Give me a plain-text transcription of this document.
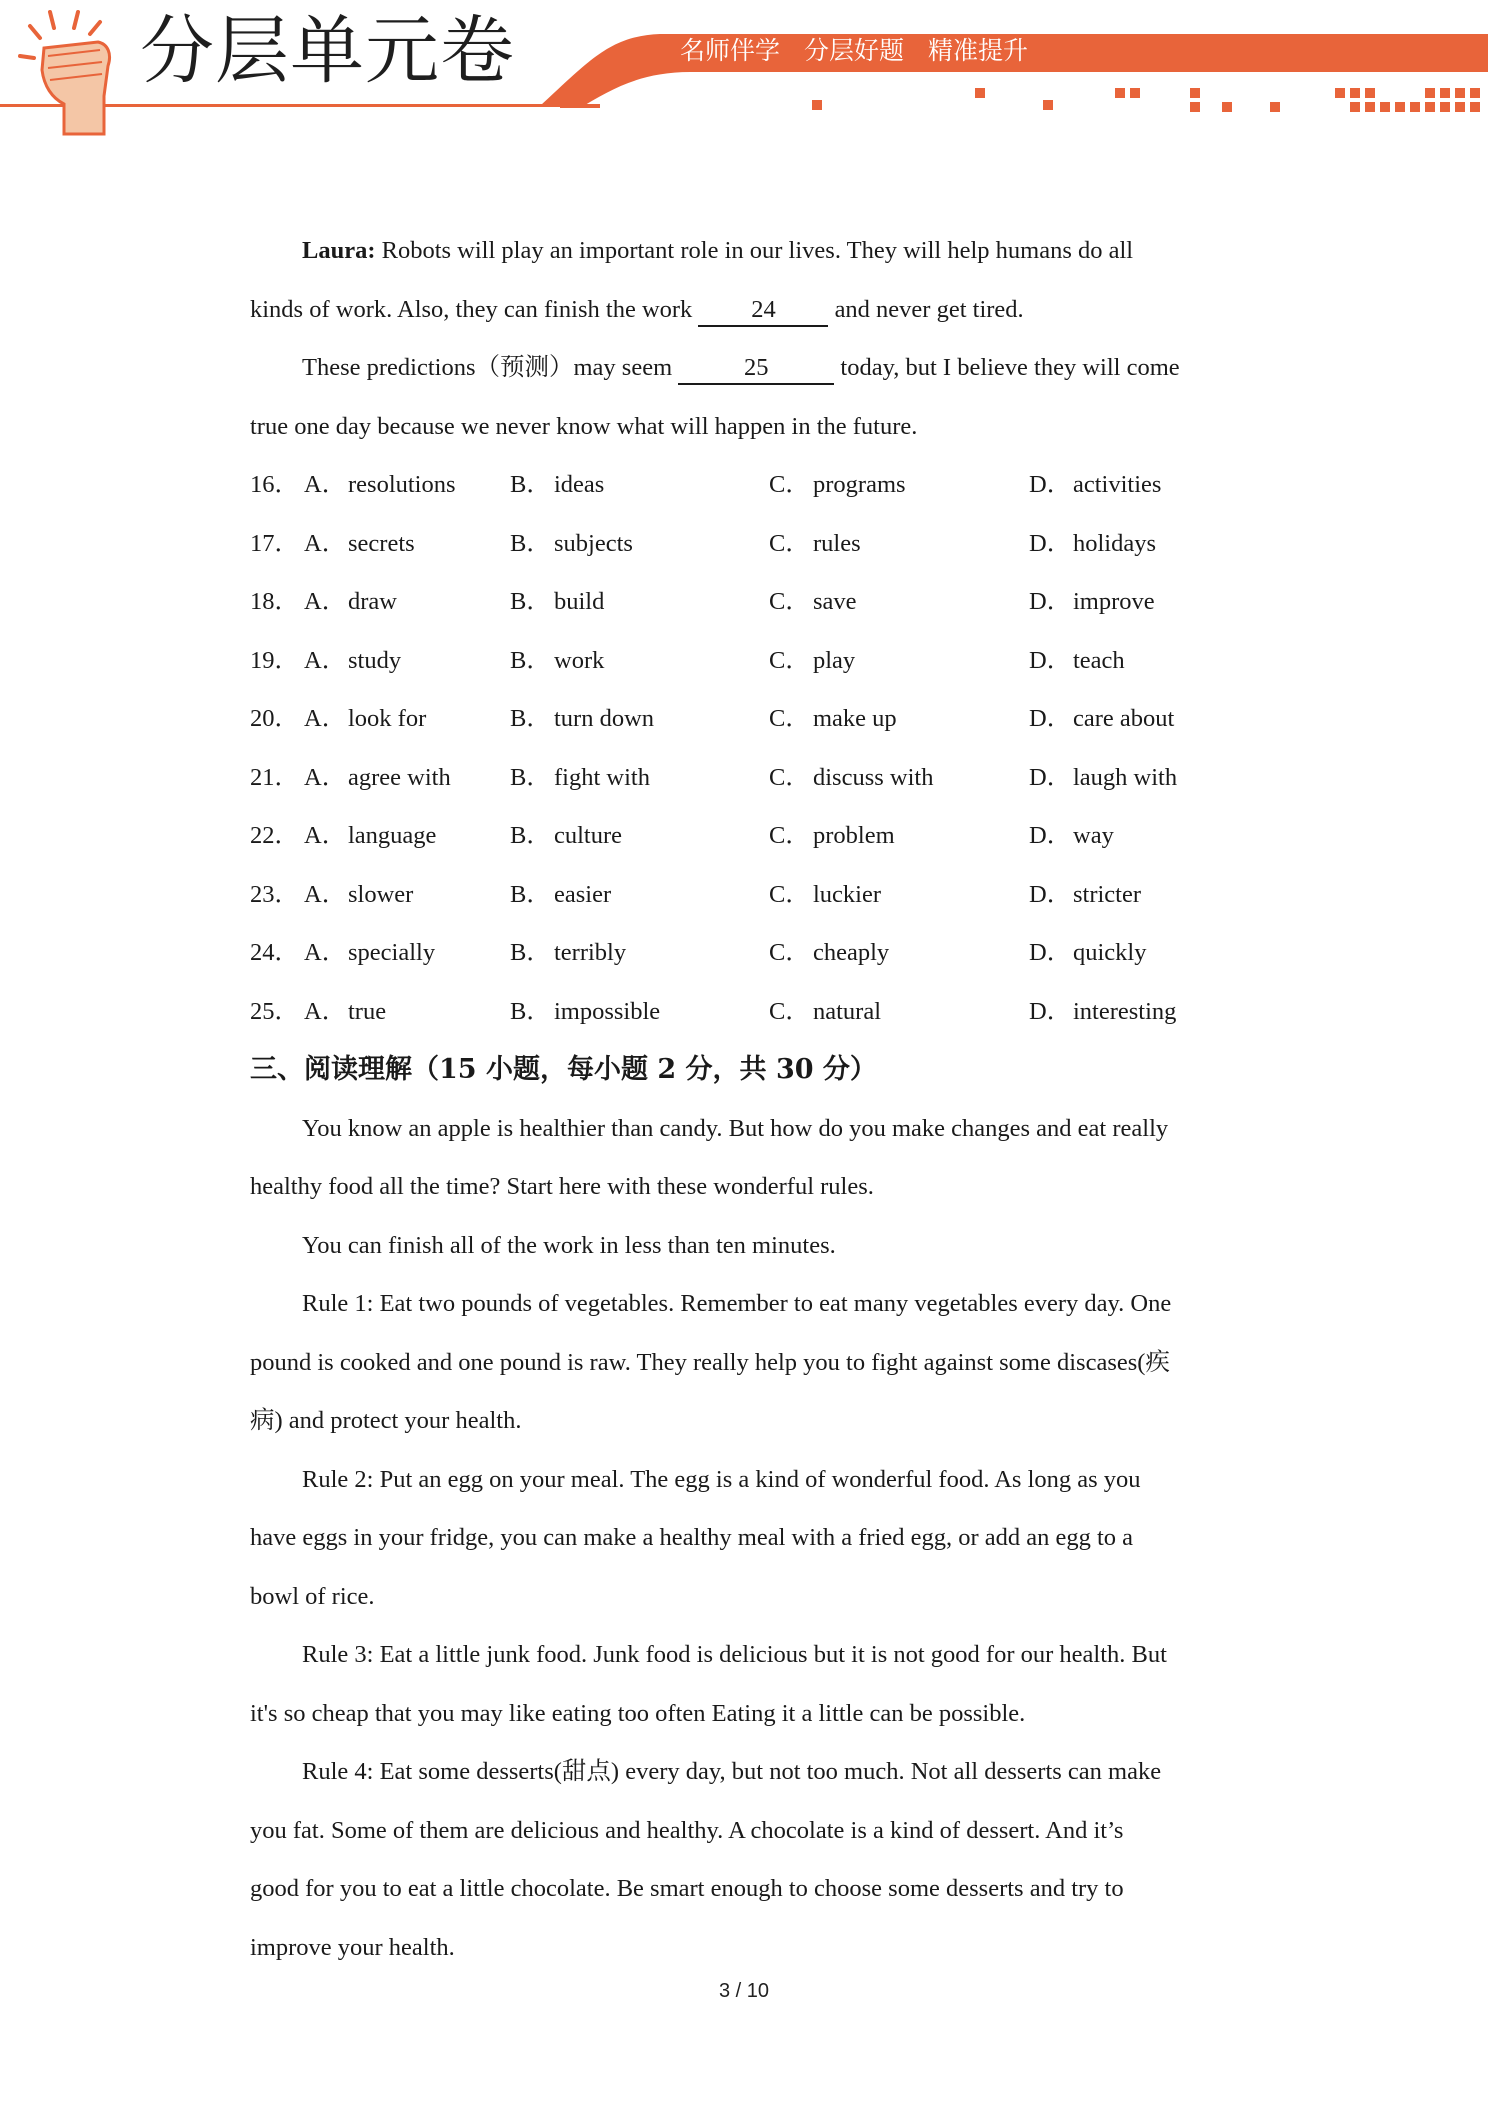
分层单元卷	名师伴学 分层好题 精准提升

Laura: Robots will play an important role in our lives. They will help humans do all

kinds of work. Also, they can finish the work 24 and never get tired.

These predictions（预测）may seem	25	today, but I believe they will come

true one day because we never know what will happen in the future.

16． A． resolutions B． ideas	C． programs	D． activities
17． A． secrets	B． subjects	C． rules	D． holidays
18． A． draw	B． build	C． save	D． improve
19． A． study	B． work	C． play	D． teach
20． A． look for	B． turn down	C． make up	D． care about
21． A． agree with B． fight with	C． discuss with	D． laugh with
22． A． language	B． culture	C． problem	D． way
23． A． slower	B． easier	C． luckier	D． stricter
24． A． specially	B． terribly	C． cheaply	D． quickly
25． A． true	B． impossible	C． natural	D． interesting

三、阅读理解（15 小题，每小题 2 分，共 30 分）

You know an apple is healthier than candy. But how do you make changes and eat really

healthy food all the time? Start here with these wonderful rules.

You can finish all of the work in less than ten minutes.

Rule 1: Eat two pounds of vegetables. Remember to eat many vegetables every day. One

pound is cooked and one pound is raw. They really help you to fight against some discases(疾

病) and protect your health.

Rule 2: Put an egg on your meal. The egg is a kind of wonderful food. As long as you

have eggs in your fridge, you can make a healthy meal with a fried egg, or add an egg to a

bowl of rice.

Rule 3: Eat a little junk food. Junk food is delicious but it is not good for our health. But

it's so cheap that you may like eating too often Eating it a little can be possible.

Rule 4: Eat some desserts(甜点) every day, but not too much. Not all desserts can make

you fat. Some of them are delicious and healthy. A chocolate is a kind of dessert. And it’s

good for you to eat a little chocolate. Be smart enough to choose some desserts and try to

improve your health.

3 / 10
